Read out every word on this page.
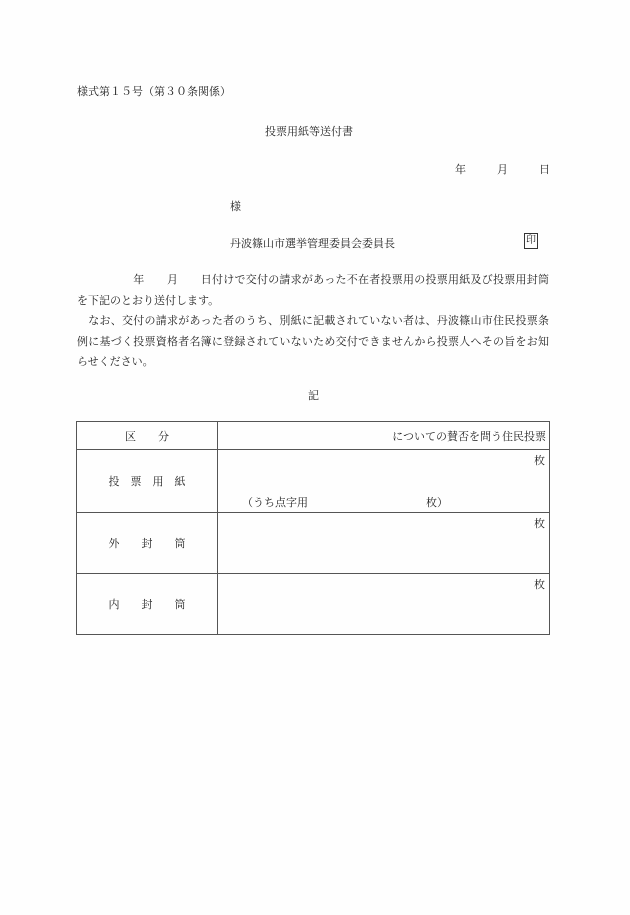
様式第１５号（第３０条関係）
投票用紙等送付書
年	月	日
様
丹波篠山市選挙管理委員会委員長	印
　　　　　年　　月　　日付けで交付の請求があった不在者投票用の投票用紙及び投票用封筒を下記のとおり送付します。
　なお、交付の請求があった者のうち、別紙に記載されていない者は、丹波篠山市住民投票条例に基づく投票資格者名簿に登録されていないため交付できませんから投票人へその旨をお知らせください。
記
区　　分	についての賛否を問う住民投票
投　票　用　紙	枚
（うち点字用 枚）

外　　封　　筒	枚

内　　封　　筒	枚
